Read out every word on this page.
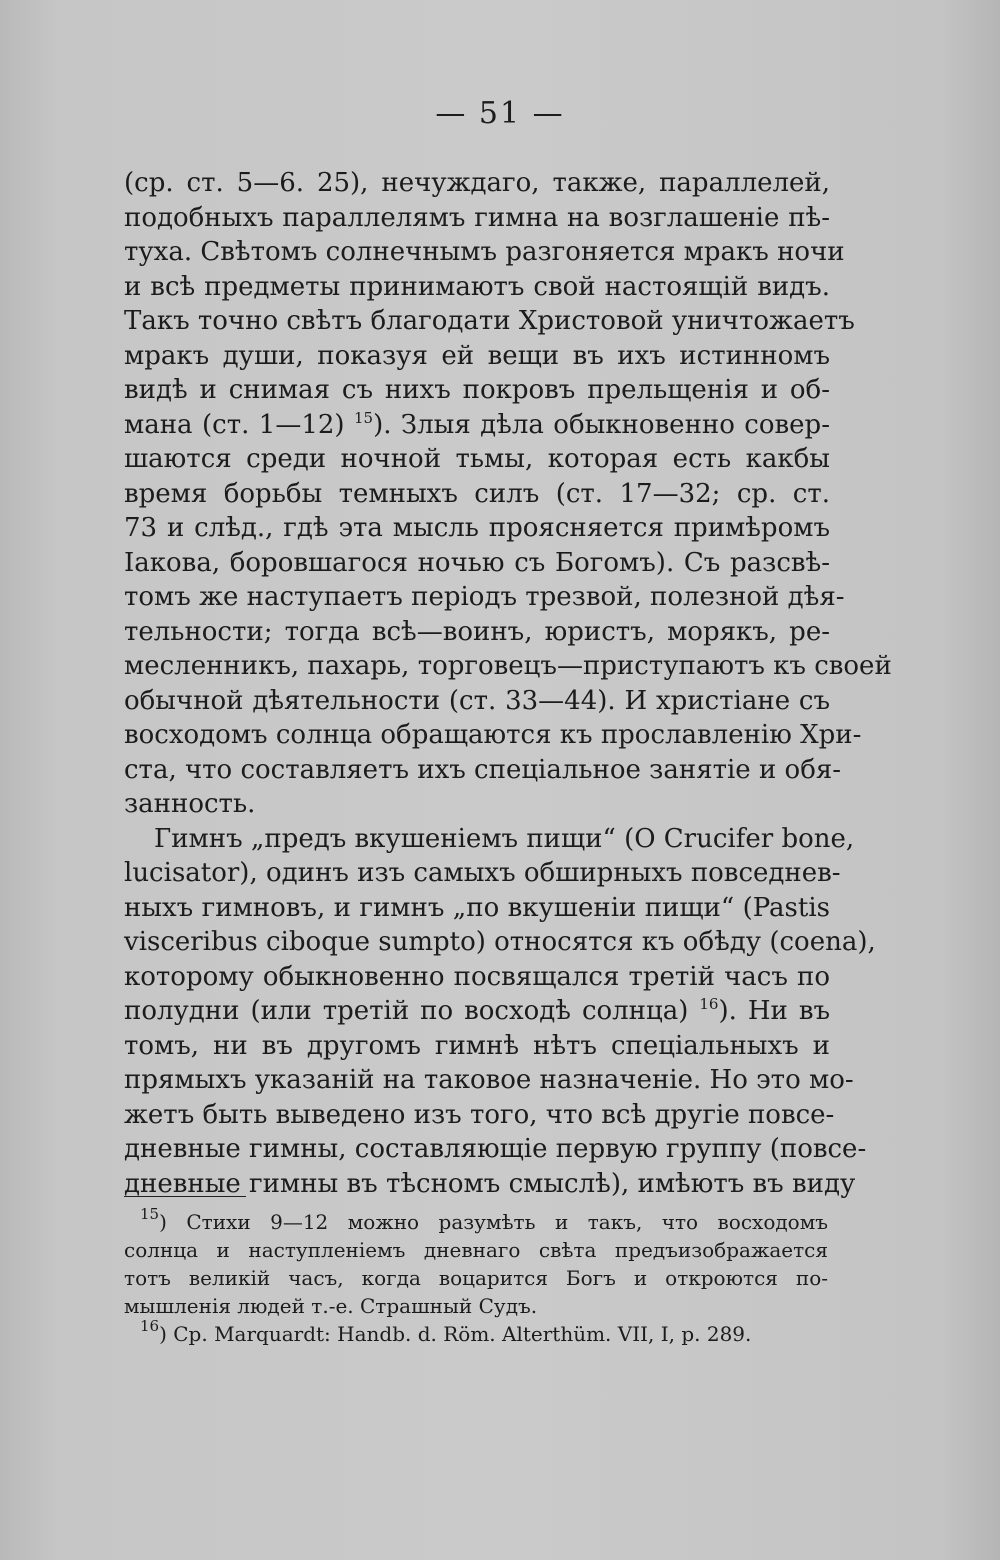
— 51 —
(ср. ст. 5—6. 25), нечуждаго, также, параллелей,
подобныхъ параллелямъ гимна на возглашеніе пѣ-
туха. Свѣтомъ солнечнымъ разгоняется мракъ ночи
и всѣ предметы принимаютъ свой настоящій видъ.
Такъ точно свѣтъ благодати Христовой уничтожаетъ
мракъ души, показуя ей вещи въ ихъ истинномъ
видѣ и снимая съ нихъ покровъ прельщенія и об-
мана (ст. 1—12) $^{15}$). Злыя дѣла обыкновенно совер-
шаются среди ночной тьмы, которая есть какбы
время борьбы темныхъ силъ (ст. 17—32; ср. ст.
73 и слѣд., гдѣ эта мысль проясняется примѣромъ
Іакова, боровшагося ночью съ Богомъ). Съ разсвѣ-
томъ же наступаетъ періодъ трезвой, полезной дѣя-
тельности; тогда всѣ—воинъ, юристъ, морякъ, ре-
месленникъ, пахарь, торговецъ—приступаютъ къ своей
обычной дѣятельности (ст. 33—44). И христіане съ
восходомъ солнца обращаются къ прославленію Хри-
ста, что составляетъ ихъ спеціальное занятіе и обя-
занность.
Гимнъ „предъ вкушеніемъ пищи“ (O Crucifer bone,
lucisator), одинъ изъ самыхъ обширныхъ повседнев-
ныхъ гимновъ, и гимнъ „по вкушеніи пищи“ (Pastis
visceribus ciboque sumpto) относятся къ обѣду (coena),
которому обыкновенно посвящался третій часъ по
полудни (или третій по восходѣ солнца) $^{16}$). Ни въ
томъ, ни въ другомъ гимнѣ нѣтъ спеціальныхъ и
прямыхъ указаній на таковое назначеніе. Но это мо-
жетъ быть выведено изъ того, что всѣ другіе повсе-
дневные гимны, составляющіе первую группу (повсе-
дневные гимны въ тѣсномъ смыслѣ), имѣютъ въ виду
$^{15}$) Стихи 9—12 можно разумѣть и такъ, что восходомъ
солнца и наступленіемъ дневнаго свѣта предъизображается
тотъ великій часъ, когда воцарится Богъ и откроются по-
мышленія людей т.-е. Страшный Судъ.
$^{16}$) Ср. Marquardt: Handb. d. Röm. Alterthüm. VII, I, p. 289.
